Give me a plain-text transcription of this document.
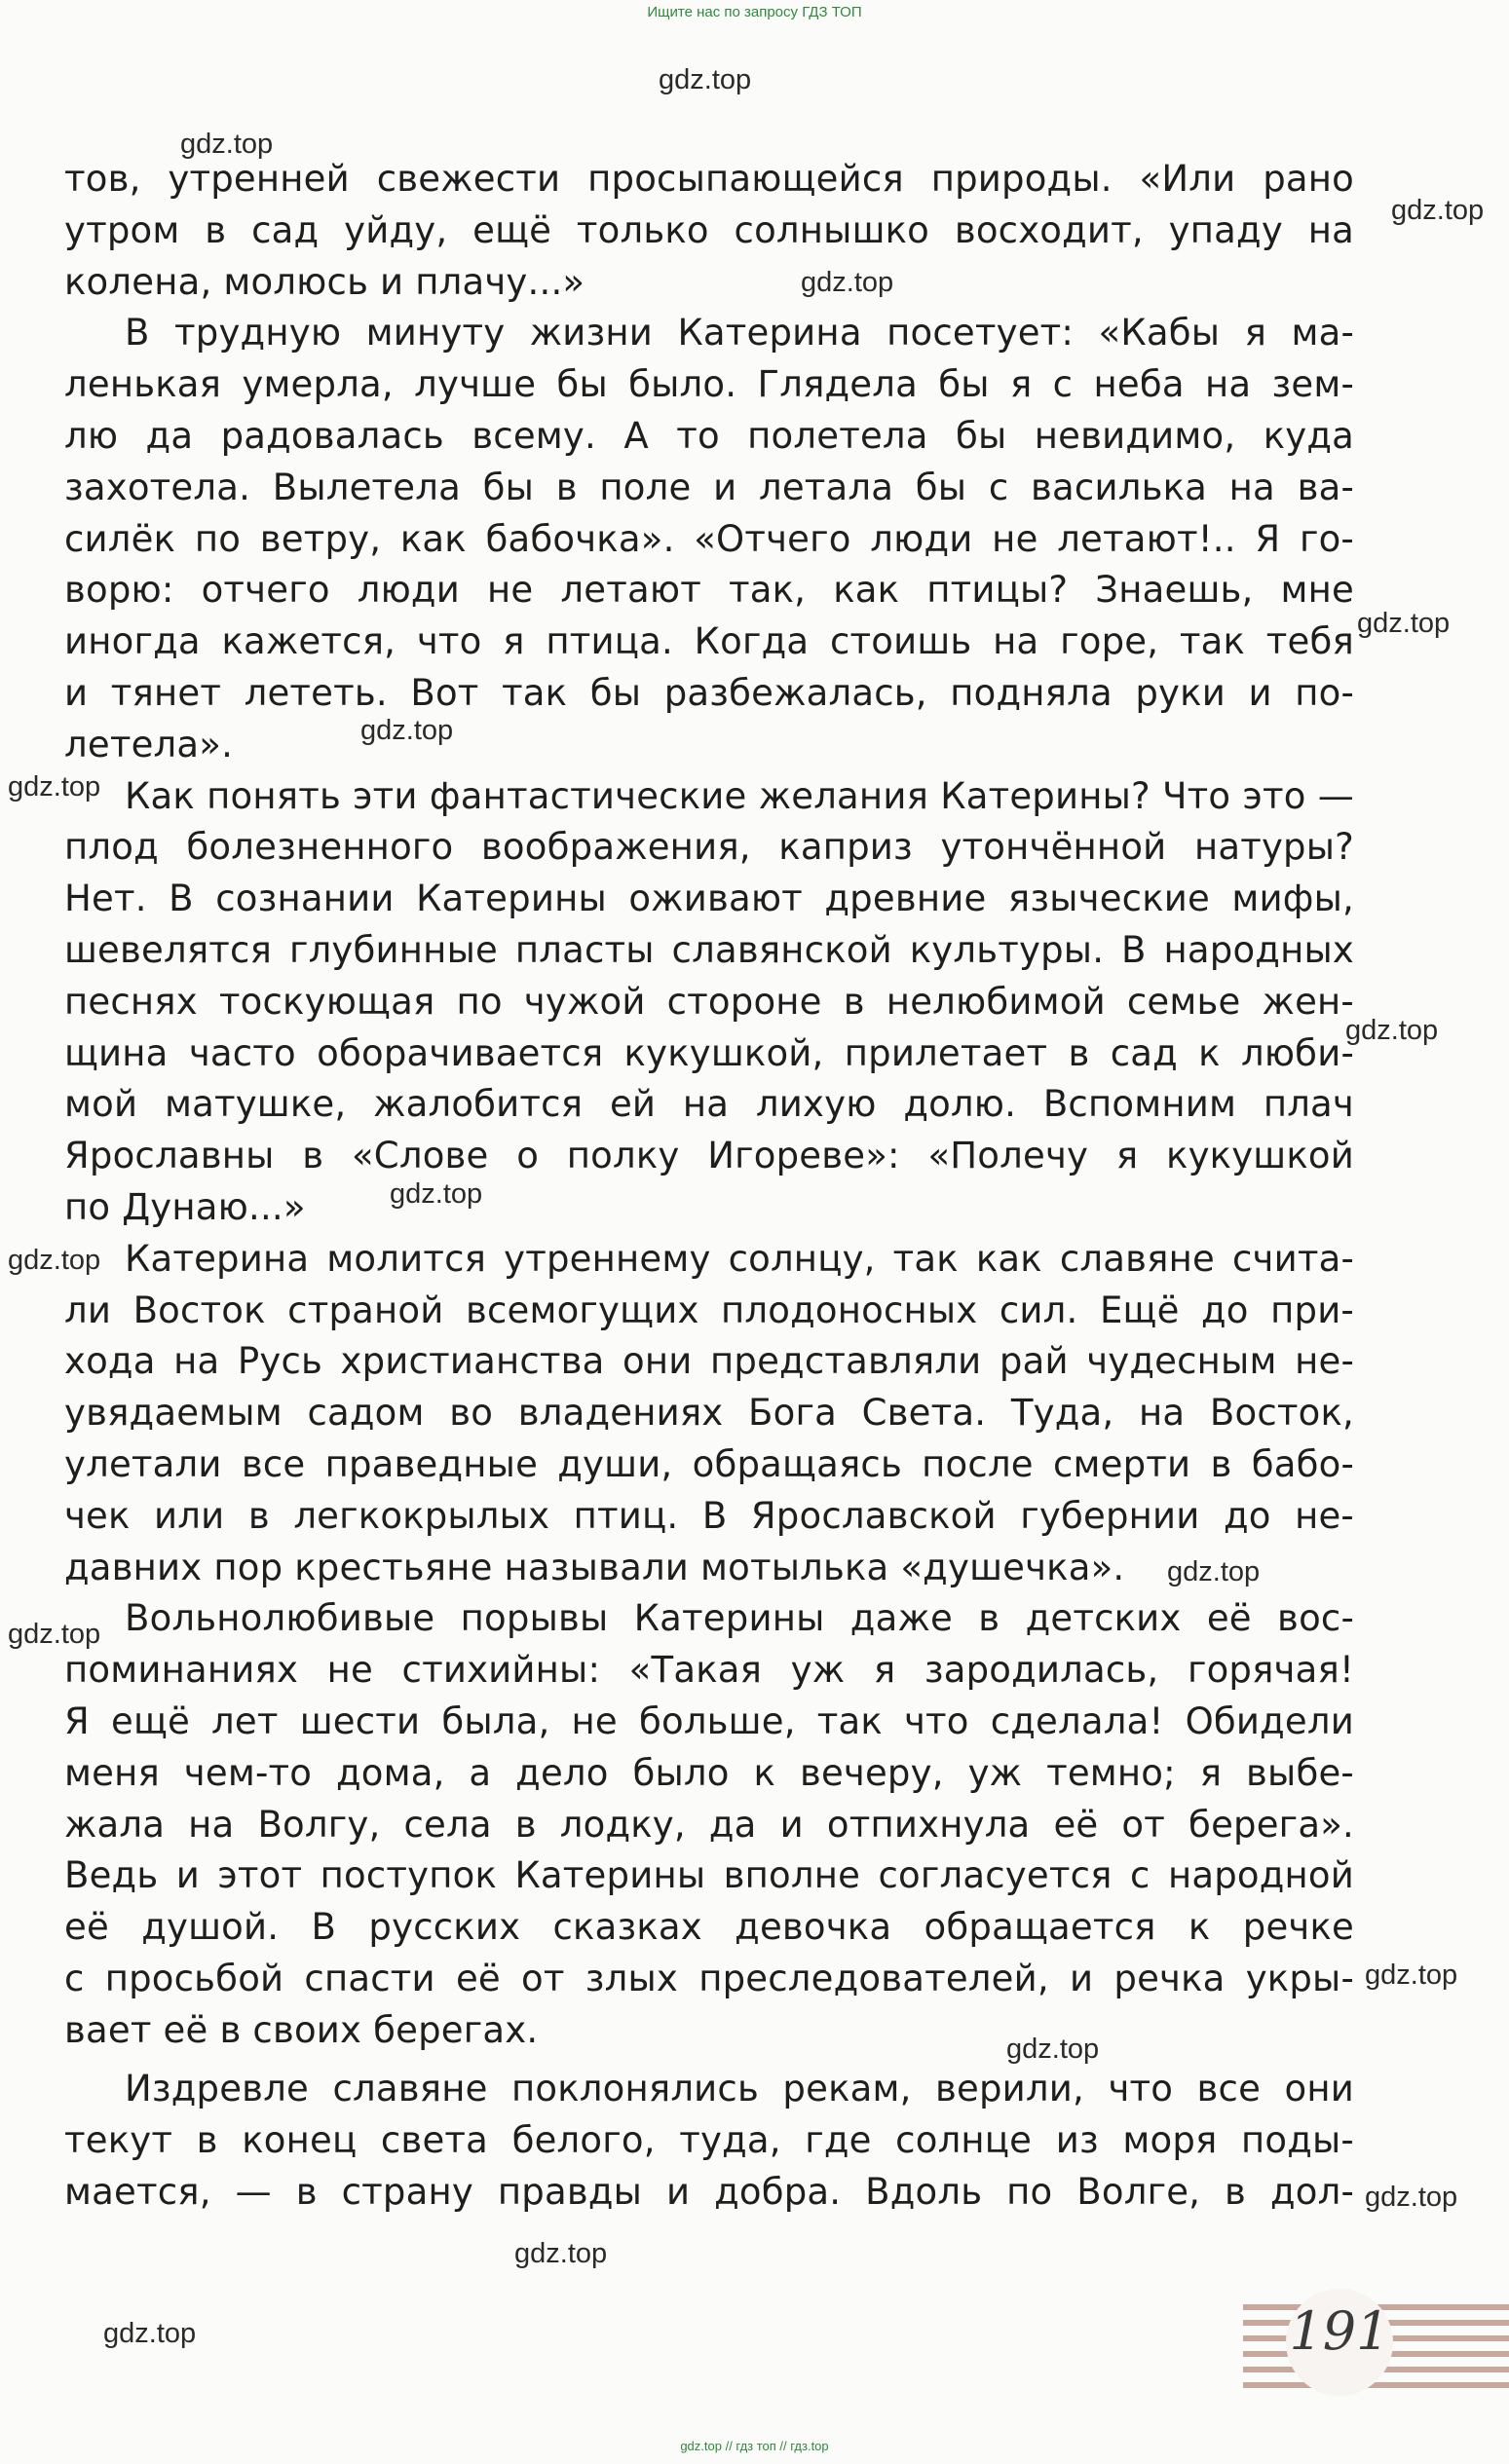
Ищите нас по запросу ГДЗ ТОП
тов, утренней свежести просыпающейся природы. «Или рано
утром в сад уйду, ещё только солнышко восходит, упаду на
колена, молюсь и плачу...»
В трудную минуту жизни Катерина посетует: «Кабы я ма-
ленькая умерла, лучше бы было. Глядела бы я с неба на зем-
лю да радовалась всему. А то полетела бы невидимо, куда
захотела. Вылетела бы в поле и летала бы с василька на ва-
силёк по ветру, как бабочка». «Отчего люди не летают!.. Я го-
ворю: отчего люди не летают так, как птицы? Знаешь, мне
иногда кажется, что я птица. Когда стоишь на горе, так тебя
и тянет лететь. Вот так бы разбежалась, подняла руки и по-
летела».
Как понять эти фантастические желания Катерины? Что это —
плод болезненного воображения, каприз утончённой натуры?
Нет. В сознании Катерины оживают древние языческие мифы,
шевелятся глубинные пласты славянской культуры. В народных
песнях тоскующая по чужой стороне в нелюбимой семье жен-
щина часто оборачивается кукушкой, прилетает в сад к люби-
мой матушке, жалобится ей на лихую долю. Вспомним плач
Ярославны в «Слове о полку Игореве»: «Полечу я кукушкой
по Дунаю...»
Катерина молится утреннему солнцу, так как славяне счита-
ли Восток страной всемогущих плодоносных сил. Ещё до при-
хода на Русь христианства они представляли рай чудесным не-
увядаемым садом во владениях Бога Света. Туда, на Восток,
улетали все праведные души, обращаясь после смерти в бабо-
чек или в легкокрылых птиц. В Ярославской губернии до не-
давних пор крестьяне называли мотылька «душечка».
Вольнолюбивые порывы Катерины даже в детских её вос-
поминаниях не стихийны: «Такая уж я зародилась, горячая!
Я ещё лет шести была, не больше, так что сделала! Обидели
меня чем-то дома, а дело было к вечеру, уж темно; я выбе-
жала на Волгу, села в лодку, да и отпихнула её от берега».
Ведь и этот поступок Катерины вполне согласуется с народной
её душой. В русских сказках девочка обращается к речке
с просьбой спасти её от злых преследователей, и речка укры-
вает её в своих берегах.
Издревле славяне поклонялись рекам, верили, что все они
текут в конец света белого, туда, где солнце из моря поды-
мается, — в страну правды и добра. Вдоль по Волге, в дол-
gdz.top
gdz.top
gdz.top
gdz.top
gdz.top
gdz.top
gdz.top
gdz.top
gdz.top
gdz.top
gdz.top
gdz.top
gdz.top
gdz.top
gdz.top
gdz.top
gdz.top	191
gdz.top // гдз топ // гдз.top
